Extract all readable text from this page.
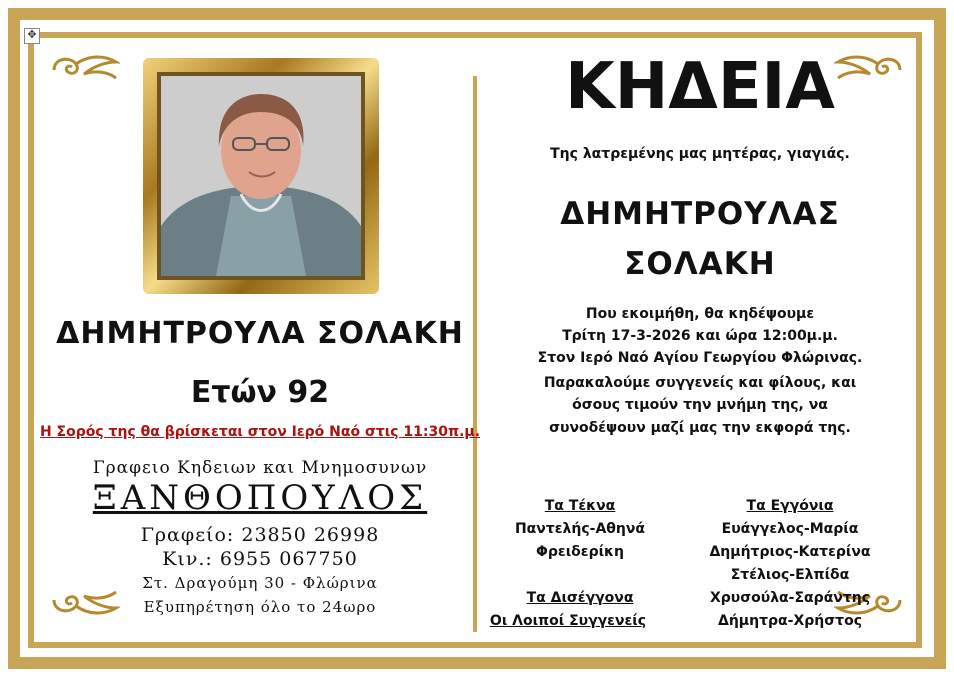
✥
ΔΗΜΗΤΡΟΥΛΑ ΣΟΛΑΚΗ
Ετών 92
Η Σορός της θα βρίσκεται στον Ιερό Ναό στις 11:30π.μ.
Γραφειο Κηδειων και Μνημοσυνων
ΞΑΝΘΟΠΟΥΛΟΣ
Γραφείο: 23850 26998
Κιν.: 6955 067750
Στ. Δραγούμη 30 - Φλώρινα
Εξυπηρέτηση όλο το 24ωρο
ΚΗΔΕΙΑ
Της λατρεμένης μας μητέρας, γιαγιάς.
ΔΗΜΗΤΡΟΥΛΑΣ
ΣΟΛΑΚΗ
Που εκοιμήθη, θα κηδέψουμε
Τρίτη 17-3-2026 και ώρα 12:00μ.μ.
Στον Ιερό Ναό Αγίου Γεωργίου Φλώρινας.
Παρακαλούμε συγγενείς και φίλους, και
όσους τιμούν την μνήμη της, να
συνοδέψουν μαζί μας την εκφορά της.
Τα Τέκνα
Παντελής-Αθηνά
Φρειδερίκη
Τα Δισέγγονα
Οι Λοιποί Συγγενείς
Τα Εγγόνια
Ευάγγελος-Μαρία
Δημήτριος-Κατερίνα
Στέλιος-Ελπίδα
Χρυσούλα-Σαράντης
Δήμητρα-Χρήστος
